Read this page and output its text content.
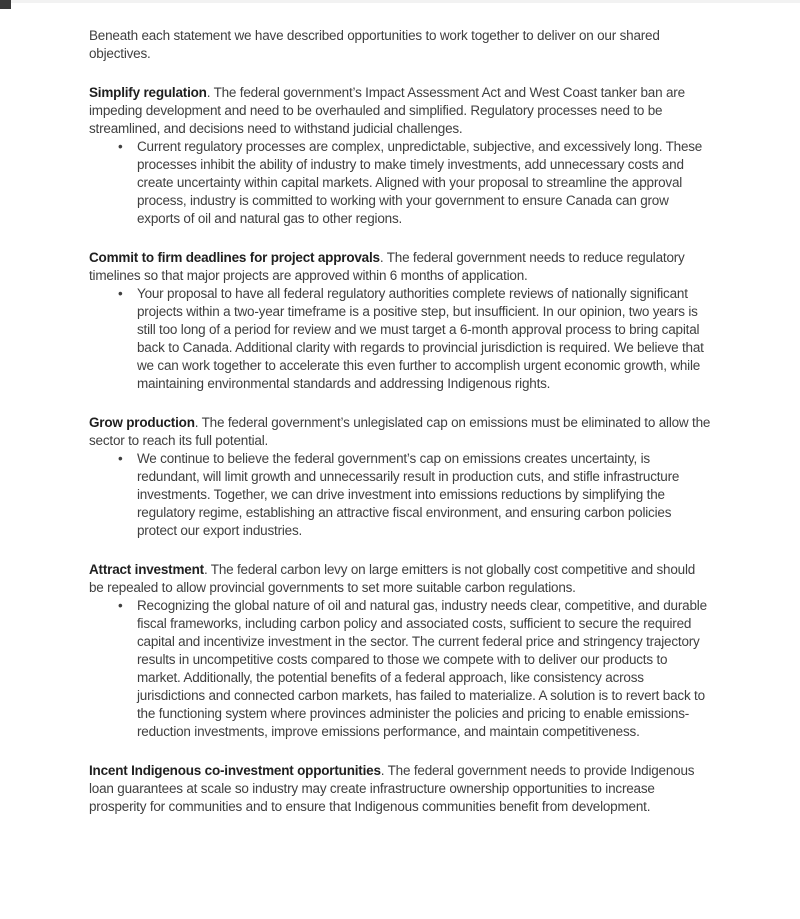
Beneath each statement we have described opportunities to work together to deliver on our shared objectives.

Simplify regulation. The federal government’s Impact Assessment Act and West Coast tanker ban are impeding development and need to be overhauled and simplified. Regulatory processes need to be streamlined, and decisions need to withstand judicial challenges.

• Current regulatory processes are complex, unpredictable, subjective, and excessively long. These processes inhibit the ability of industry to make timely investments, add unnecessary costs and create uncertainty within capital markets. Aligned with your proposal to streamline the approval process, industry is committed to working with your government to ensure Canada can grow exports of oil and natural gas to other regions.

Commit to firm deadlines for project approvals. The federal government needs to reduce regulatory timelines so that major projects are approved within 6 months of application.

• Your proposal to have all federal regulatory authorities complete reviews of nationally significant projects within a two-year timeframe is a positive step, but insufficient. In our opinion, two years is still too long of a period for review and we must target a 6-month approval process to bring capital back to Canada. Additional clarity with regards to provincial jurisdiction is required. We believe that we can work together to accelerate this even further to accomplish urgent economic growth, while maintaining environmental standards and addressing Indigenous rights.

Grow production. The federal government’s unlegislated cap on emissions must be eliminated to allow the sector to reach its full potential.

• We continue to believe the federal government’s cap on emissions creates uncertainty, is redundant, will limit growth and unnecessarily result in production cuts, and stifle infrastructure investments. Together, we can drive investment into emissions reductions by simplifying the regulatory regime, establishing an attractive fiscal environment, and ensuring carbon policies protect our export industries.

Attract investment. The federal carbon levy on large emitters is not globally cost competitive and should be repealed to allow provincial governments to set more suitable carbon regulations.

• Recognizing the global nature of oil and natural gas, industry needs clear, competitive, and durable fiscal frameworks, including carbon policy and associated costs, sufficient to secure the required capital and incentivize investment in the sector. The current federal price and stringency trajectory results in uncompetitive costs compared to those we compete with to deliver our products to market. Additionally, the potential benefits of a federal approach, like consistency across jurisdictions and connected carbon markets, has failed to materialize. A solution is to revert back to the functioning system where provinces administer the policies and pricing to enable emissions-reduction investments, improve emissions performance, and maintain competitiveness.

Incent Indigenous co-investment opportunities. The federal government needs to provide Indigenous loan guarantees at scale so industry may create infrastructure ownership opportunities to increase prosperity for communities and to ensure that Indigenous communities benefit from development.
